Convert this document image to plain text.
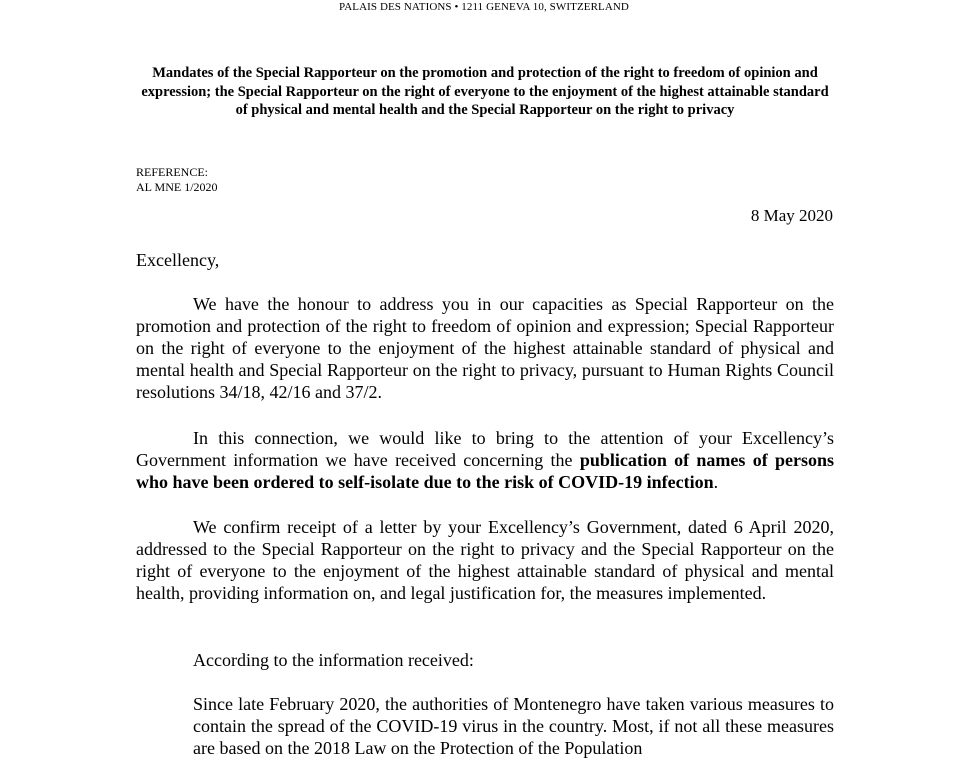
PALAIS DES NATIONS • 1211 GENEVA 10, SWITZERLAND
Mandates of the Special Rapporteur on the promotion and protection of the right to freedom of opinion and expression; the Special Rapporteur on the right of everyone to the enjoyment of the highest attainable standard of physical and mental health and the Special Rapporteur on the right to privacy
REFERENCE:
AL MNE 1/2020
8 May 2020
Excellency,

We have the honour to address you in our capacities as Special Rapporteur on the promotion and protection of the right to freedom of opinion and expression; Special Rapporteur on the right of everyone to the enjoyment of the highest attainable standard of physical and mental health and Special Rapporteur on the right to privacy, pursuant to Human Rights Council resolutions 34/18, 42/16 and 37/2.

In this connection, we would like to bring to the attention of your Excellency’s Government information we have received concerning the publication of names of persons who have been ordered to self-isolate due to the risk of COVID-19 infection.

We confirm receipt of a letter by your Excellency’s Government, dated 6 April 2020, addressed to the Special Rapporteur on the right to privacy and the Special Rapporteur on the right of everyone to the enjoyment of the highest attainable standard of physical and mental health, providing information on, and legal justification for, the measures implemented.

According to the information received:

Since late February 2020, the authorities of Montenegro have taken various measures to contain the spread of the COVID-19 virus in the country. Most, if not all these measures are based on the 2018 Law on the Protection of the Population
